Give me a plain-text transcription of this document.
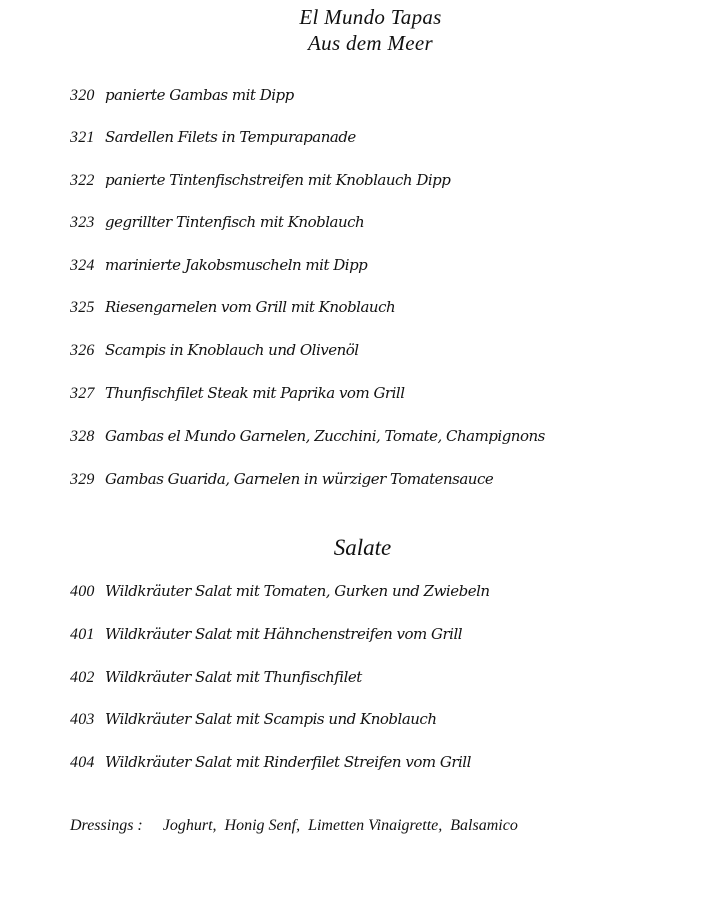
El Mundo Tapas
Aus dem Meer
320 panierte Gambas mit Dipp
321 Sardellen Filets in Tempurapanade
322 panierte Tintenfischstreifen mit Knoblauch Dipp
323 gegrillter Tintenfisch mit Knoblauch
324 marinierte Jakobsmuscheln mit Dipp
325 Riesengarnelen vom Grill mit Knoblauch
326 Scampis in Knoblauch und Olivenöl
327 Thunfischfilet Steak mit Paprika vom Grill
328 Gambas el Mundo Garnelen, Zucchini, Tomate, Champignons
329 Gambas Guarida, Garnelen in würziger Tomatensauce
Salate
400 Wildkräuter Salat mit Tomaten, Gurken und Zwiebeln
401 Wildkräuter Salat mit Hähnchenstreifen vom Grill
402 Wildkräuter Salat mit Thunfischfilet
403 Wildkräuter Salat mit Scampis und Knoblauch
404 Wildkräuter Salat mit Rinderfilet Streifen vom Grill
Dressings : Joghurt,  Honig Senf,  Limetten Vinaigrette,  Balsamico
